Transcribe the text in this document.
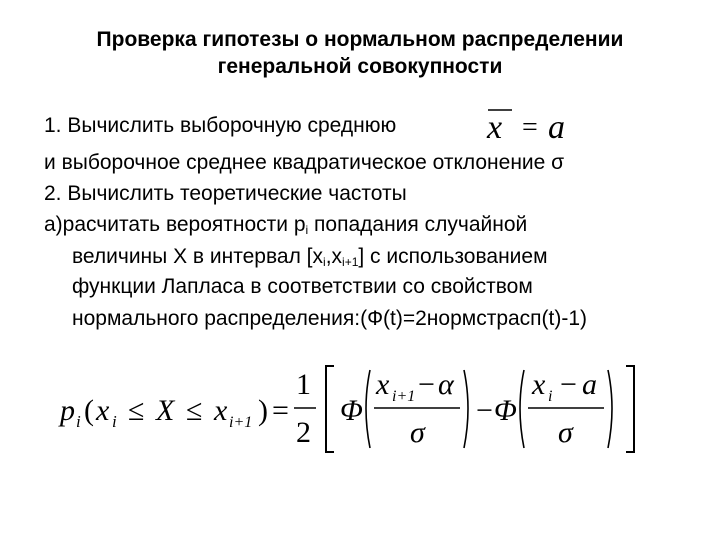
Проверка гипотезы о нормальном распределении
генеральной совокупности
1. Вычислить выборочную среднюю	x = a
и выборочное среднее квадратическое отклонение σ
2. Вычислить теоретические частоты
а)расчитать вероятности $p_i$ попадания случайной
величины Х в интервал $[x_i,x_{i+1}]$ с использованием
функции Лапласа в соответствии со свойством
нормального распределения:(Ф(t)=2нормстрасп(t)-1)
p i ( x i ≤ X ≤ x i+1 ) =
1
2
Φ
x i+1 − α
σ
− Φ
x i − a
σ
